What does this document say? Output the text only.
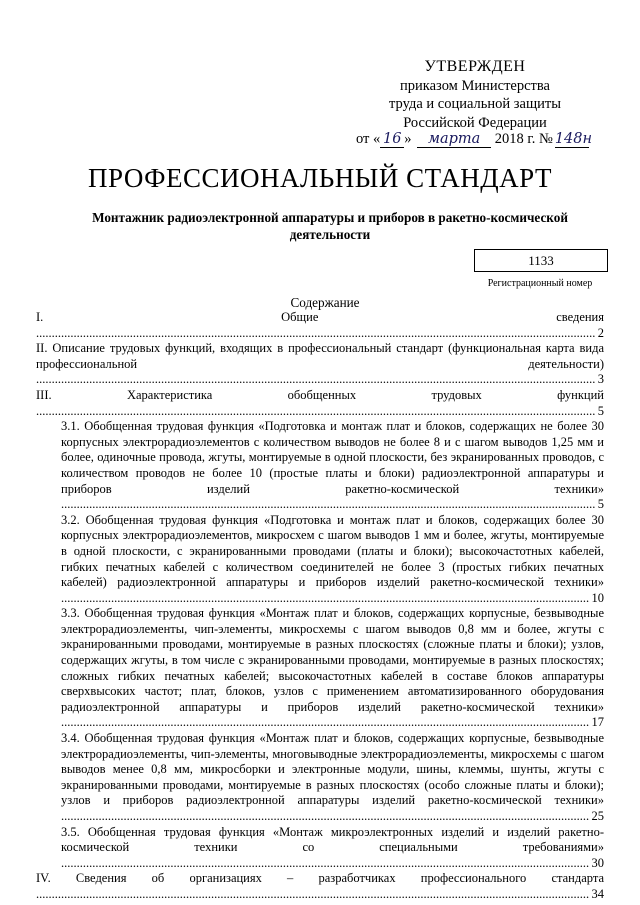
УТВЕРЖДЕН
приказом Министерства
труда и социальной защиты
Российской Федерации
от « 16 » марта 2018 г. № 148н
ПРОФЕССИОНАЛЬНЫЙ СТАНДАРТ
Монтажник радиоэлектронной аппаратуры и приборов в ракетно-космической
деятельности
1133
Регистрационный номер
Содержание
I. Общие сведения .....
2
II. Описание трудовых функций, входящих в профессиональный стандарт (функциональная карта вида профессиональной деятельности) .....
3
III. Характеристика обобщенных трудовых функций .....
5
3.1. Обобщенная трудовая функция «Подготовка и монтаж плат и блоков, содержащих не более 30 корпусных электрорадиоэлементов с количеством выводов не более 8 и с шагом выводов 1,25 мм и более, одиночные провода, жгуты, монтируемые в одной плоскости, без экранированных проводов, с количеством проводов не более 10 (простые платы и блоки) радиоэлектронной аппаратуры и приборов изделий ракетно-космической техники» .....
5
3.2. Обобщенная трудовая функция «Подготовка и монтаж плат и блоков, содержащих более 30 корпусных электрорадиоэлементов, микросхем с шагом выводов 1 мм и более, жгуты, монтируемые в одной плоскости, с экранированными проводами (платы и блоки); высокочастотных кабелей, гибких печатных кабелей с количеством соединителей не более 3 (простых гибких печатных кабелей) радиоэлектронной аппаратуры и приборов изделий ракетно-космической техники» .....
10
3.3. Обобщенная трудовая функция «Монтаж плат и блоков, содержащих корпусные, безвыводные электрорадиоэлементы, чип-элементы, микросхемы с шагом выводов 0,8 мм и более, жгуты с экранированными проводами, монтируемые в разных плоскостях (сложные платы и блоки); узлов, содержащих жгуты, в том числе с экранированными проводами, монтируемые в разных плоскостях; сложных гибких печатных кабелей; высокочастотных кабелей в составе блоков аппаратуры сверхвысоких частот; плат, блоков, узлов с применением автоматизированного оборудования радиоэлектронной аппаратуры и приборов изделий ракетно-космической техники» .....
17
3.4. Обобщенная трудовая функция «Монтаж плат и блоков, содержащих корпусные, безвыводные электрорадиоэлементы, чип-элементы, многовыводные электрорадиоэлементы, микросхемы с шагом выводов менее 0,8 мм, микросборки и электронные модули, шины, клеммы, шунты, жгуты с экранированными проводами, монтируемые в разных плоскостях (особо сложные платы и блоки); узлов и приборов радиоэлектронной аппаратуры изделий ракетно-космической техники» .....
25
3.5. Обобщенная трудовая функция «Монтаж микроэлектронных изделий и изделий ракетно-космической техники со специальными требованиями» .....
30
IV. Сведения об организациях – разработчиках профессионального стандарта .....
34
